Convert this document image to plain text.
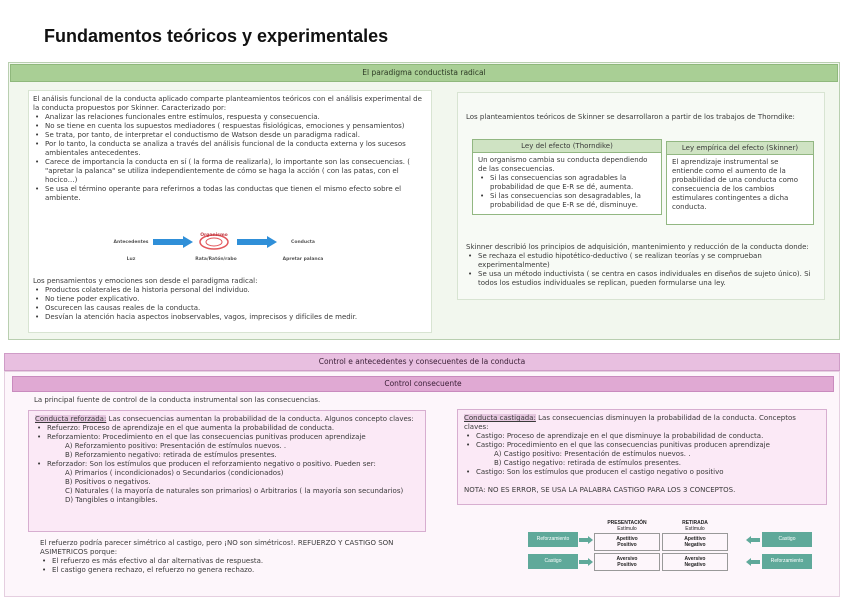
Fundamentos teóricos y experimentales
El paradigma conductista radical

El análisis funcional de la conducta aplicado comparte planteamientos teóricos con el análisis experimental de la conducta propuestos por Skinner. Caracterizado por:

• Analizar las relaciones funcionales entre estímulos, respuesta y consecuencia.
• No se tiene en cuenta los supuestos mediadores ( respuestas fisiológicas, emociones y pensamientos)
• Se trata, por tanto, de interpretar el conductismo de Watson desde un paradigma radical.
• Por lo tanto, la conducta se analiza a través del análisis funcional de la conducta externa y los sucesos ambientales antecedentes.
• Carece de importancia la conducta en sí ( la forma de realizarla), lo importante son las consecuencias. ( "apretar la palanca" se utiliza independientemente de cómo se haga la acción ( con las patas, con el hocico…)
• Se usa el término operante para referirnos a todas las conductas que tienen el mismo efecto sobre el ambiente.
Antecedentes
Organismo
Conducta
Luz	Rata/Ratón/rabo	Apretar palanca

Los pensamientos y emociones son desde el paradigma radical:

• Productos colaterales de la historia personal del individuo.
• No tiene poder explicativo.
• Oscurecen las causas reales de la conducta.
• Desvían la atención hacia aspectos inobservables, vagos, imprecisos y difíciles de medir.

Los planteamientos teóricos de Skinner se desarrollaron a partir de los trabajos de Thorndike:

Ley del efecto (Thorndike)

Un organismo cambia su conducta dependiendo de las consecuencias.

• Si las consecuencias son agradables la probabilidad de que E-R se dé, aumenta.
• Si las consecuencias son desagradables, la probabilidad de que E-R se dé, disminuye.
Ley empírica del efecto (Skinner)

El aprendizaje instrumental se entiende como el aumento de la probabilidad de una conducta como consecuencia de los cambios estimulares contingentes a dicha conducta.

Skinner describió los principios de adquisición, mantenimiento y reducción de la conducta donde:

• Se rechaza el estudio hipotético-deductivo ( se realizan teorías y se comprueban experimentalmente)
• Se usa un método inductivista ( se centra en casos individuales en diseños de sujeto único). Si todos los estudios individuales se replican, pueden formularse una ley.
Control e antecedentes y consecuentes de la conducta
Control consecuente

La principal fuente de control de la conducta instrumental son las consecuencias.

Conducta reforzada: Las consecuencias aumentan la probabilidad de la conducta. Algunos concepto claves:

• Refuerzo: Proceso de aprendizaje en el que aumenta la probabilidad de conducta.
• Reforzamiento: Procedimiento en el que las consecuencias punitivas producen aprendizaje
A) Reforzamiento positivo: Presentación de estímulos nuevos. .
B) Reforzamiento negativo: retirada de estímulos presentes.
• Reforzador: Son los estímulos que producen el reforzamiento negativo o positivo. Pueden ser:
A) Primarios ( incondicionados) o Secundarios (condicionados)
B) Positivos o negativos.
C) Naturales ( la mayoría de naturales son primarios) o Arbitrarios ( la mayoría son secundarios)
D) Tangibles o intangibles.

El refuerzo podría parecer simétrico al castigo, pero ¡NO son simétricos!. REFUERZO Y CASTIGO SON ASIMETRICOS porque:

• El refuerzo es más efectivo al dar alternativas de respuesta.
• El castigo genera rechazo, el refuerzo no genera rechazo.

Conducta castigada: Las consecuencias disminuyen la probabilidad de la conducta. Conceptos claves:

• Castigo: Proceso de aprendizaje en el que disminuye la probabilidad de conducta.
• Castigo: Procedimiento en el que las consecuencias punitivas producen aprendizaje
A) Castigo positivo: Presentación de estímulos nuevos. .
B) Castigo negativo: retirada de estímulos presentes.
• Castigo: Son los estímulos que producen el castigo negativo o positivo

NOTA: NO ES ERROR, SE USA LA PALABRA CASTIGO PARA LOS 3 CONCEPTOS.

Reforzamiento
Castigo
PRESENTACIÓN
Estímulo
RETIRADA
Estímulo
Apetitivo
Positivo
Apetitivo
Negativo
Aversivo
Positivo
Aversivo
Negativo
Castigo
Reforzamiento
